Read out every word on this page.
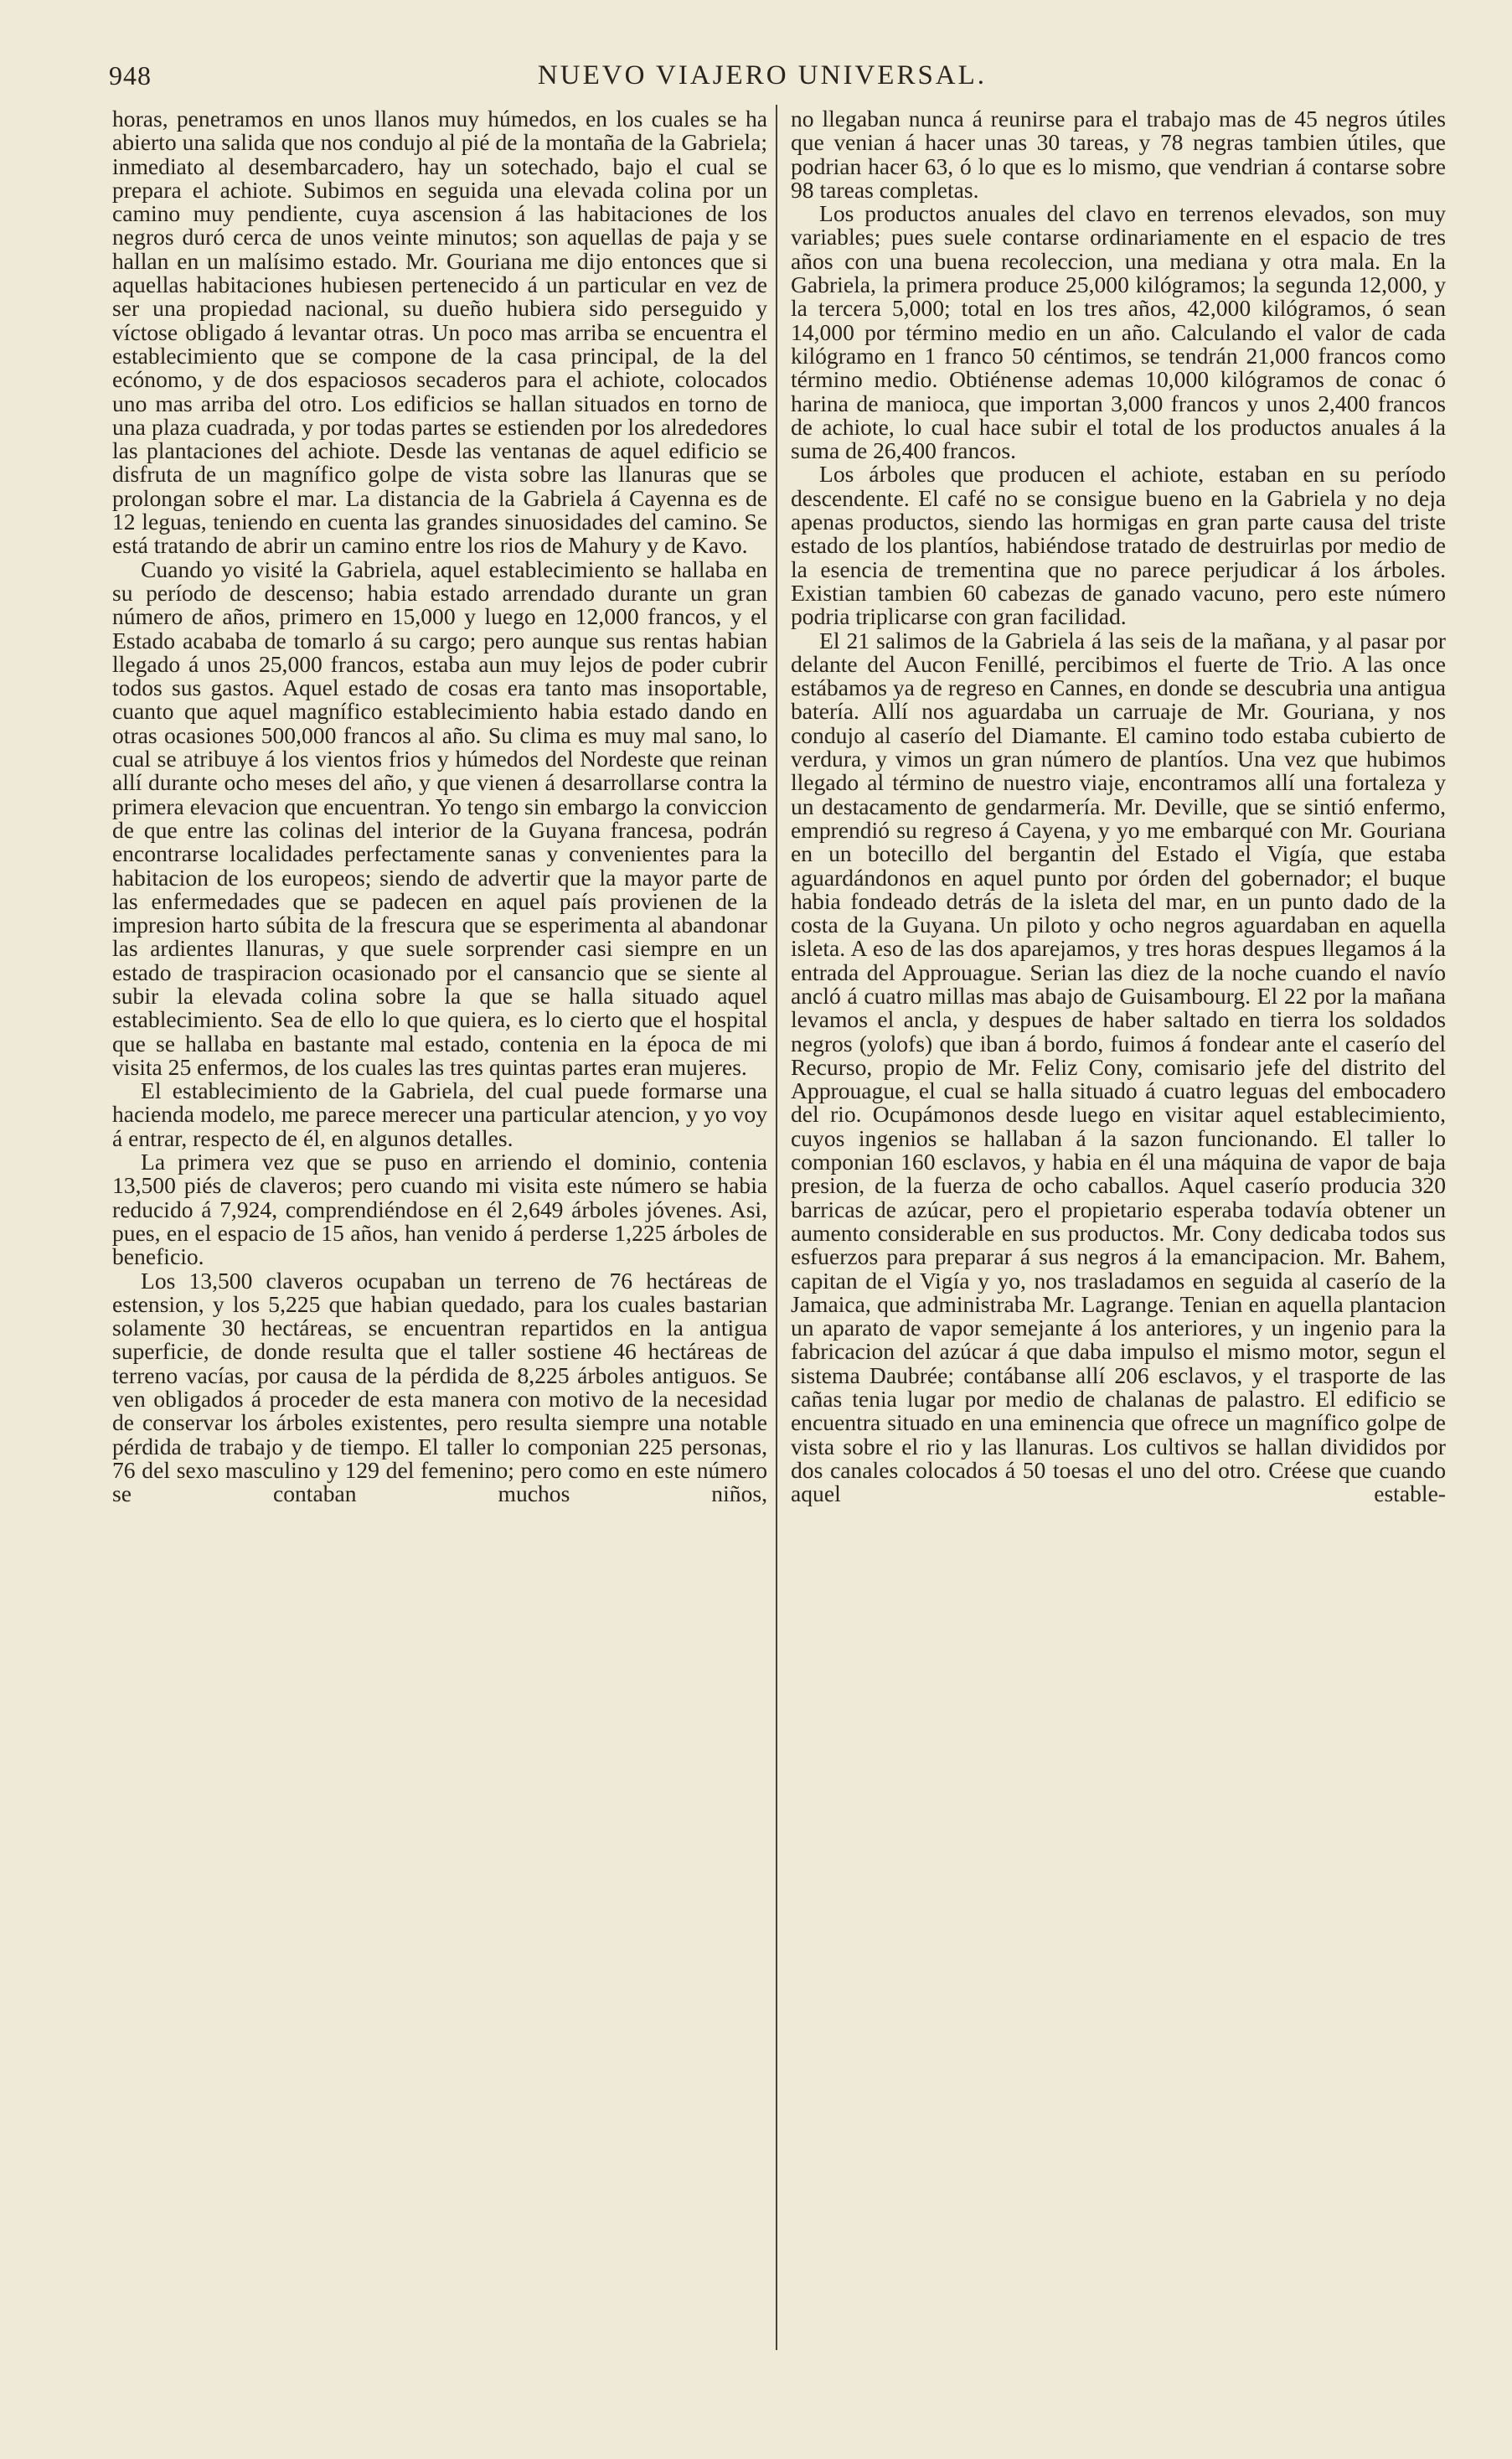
948	NUEVO VIAJERO UNIVERSAL.

horas, penetramos en unos llanos muy húmedos, en los cuales se ha abierto una salida que nos condujo al pié de la montaña de la Gabriela; inmediato al desembarcadero, hay un sotechado, bajo el cual se prepara el achiote. Subimos en seguida una elevada colina por un camino muy pendiente, cuya ascension á las habitaciones de los negros duró cerca de unos veinte minutos; son aquellas de paja y se hallan en un malísimo estado. Mr. Gouriana me dijo entonces que si aquellas habitaciones hubiesen pertenecido á un particular en vez de ser una propiedad nacional, su dueño hubiera sido perseguido y víctose obligado á levantar otras. Un poco mas arriba se encuentra el establecimiento que se compone de la casa principal, de la del ecónomo, y de dos espaciosos secaderos para el achiote, colocados uno mas arriba del otro. Los edificios se hallan situados en torno de una plaza cuadrada, y por todas partes se estienden por los alrededores las plantaciones del achiote. Desde las ventanas de aquel edificio se disfruta de un magnífico golpe de vista sobre las llanuras que se prolongan sobre el mar. La distancia de la Gabriela á Cayenna es de 12 leguas, teniendo en cuenta las grandes sinuosidades del camino. Se está tratando de abrir un camino entre los rios de Mahury y de Kavo.

Cuando yo visité la Gabriela, aquel establecimiento se hallaba en su período de descenso; habia estado arrendado durante un gran número de años, primero en 15,000 y luego en 12,000 francos, y el Estado acababa de tomarlo á su cargo; pero aunque sus rentas habian llegado á unos 25,000 francos, estaba aun muy lejos de poder cubrir todos sus gastos. Aquel estado de cosas era tanto mas insoportable, cuanto que aquel magnífico establecimiento habia estado dando en otras ocasiones 500,000 francos al año. Su clima es muy mal sano, lo cual se atribuye á los vientos frios y húmedos del Nordeste que reinan allí durante ocho meses del año, y que vienen á desarrollarse contra la primera elevacion que encuentran. Yo tengo sin embargo la conviccion de que entre las colinas del interior de la Guyana francesa, podrán encontrarse localidades perfectamente sanas y convenientes para la habitacion de los europeos; siendo de advertir que la mayor parte de las enfermedades que se padecen en aquel país provienen de la impresion harto súbita de la frescura que se esperimenta al abandonar las ardientes llanuras, y que suele sorprender casi siempre en un estado de traspiracion ocasionado por el cansancio que se siente al subir la elevada colina sobre la que se halla situado aquel establecimiento. Sea de ello lo que quiera, es lo cierto que el hospital que se hallaba en bastante mal estado, contenia en la época de mi visita 25 enfermos, de los cuales las tres quintas partes eran mujeres.

El establecimiento de la Gabriela, del cual puede formarse una hacienda modelo, me parece merecer una particular atencion, y yo voy á entrar, respecto de él, en algunos detalles.

La primera vez que se puso en arriendo el dominio, contenia 13,500 piés de claveros; pero cuando mi visita este número se habia reducido á 7,924, comprendiéndose en él 2,649 árboles jóvenes. Asi, pues, en el espacio de 15 años, han venido á perderse 1,225 árboles de beneficio.

Los 13,500 claveros ocupaban un terreno de 76 hectáreas de estension, y los 5,225 que habian quedado, para los cuales bastarian solamente 30 hectáreas, se encuentran repartidos en la antigua superficie, de donde resulta que el taller sostiene 46 hectáreas de terreno vacías, por causa de la pérdida de 8,225 árboles antiguos. Se ven obligados á proceder de esta manera con motivo de la necesidad de conservar los árboles existentes, pero resulta siempre una notable pérdida de trabajo y de tiempo. El taller lo componian 225 personas, 76 del sexo masculino y 129 del femenino; pero como en este número se contaban muchos niños,

no llegaban nunca á reunirse para el trabajo mas de 45 negros útiles que venian á hacer unas 30 tareas, y 78 negras tambien útiles, que podrian hacer 63, ó lo que es lo mismo, que vendrian á contarse sobre 98 tareas completas.

Los productos anuales del clavo en terrenos elevados, son muy variables; pues suele contarse ordinariamente en el espacio de tres años con una buena recoleccion, una mediana y otra mala. En la Gabriela, la primera produce 25,000 kilógramos; la segunda 12,000, y la tercera 5,000; total en los tres años, 42,000 kilógramos, ó sean 14,000 por término medio en un año. Calculando el valor de cada kilógramo en 1 franco 50 céntimos, se tendrán 21,000 francos como término medio. Obtiénense ademas 10,000 kilógramos de conac ó harina de manioca, que importan 3,000 francos y unos 2,400 francos de achiote, lo cual hace subir el total de los productos anuales á la suma de 26,400 francos.

Los árboles que producen el achiote, estaban en su período descendente. El café no se consigue bueno en la Gabriela y no deja apenas productos, siendo las hormigas en gran parte causa del triste estado de los plantíos, habiéndose tratado de destruirlas por medio de la esencia de trementina que no parece perjudicar á los árboles. Existian tambien 60 cabezas de ganado vacuno, pero este número podria triplicarse con gran facilidad.

El 21 salimos de la Gabriela á las seis de la mañana, y al pasar por delante del Aucon Fenillé, percibimos el fuerte de Trio. A las once estábamos ya de regreso en Cannes, en donde se descubria una antigua batería. Allí nos aguardaba un carruaje de Mr. Gouriana, y nos condujo al caserío del Diamante. El camino todo estaba cubierto de verdura, y vimos un gran número de plantíos. Una vez que hubimos llegado al término de nuestro viaje, encontramos allí una fortaleza y un destacamento de gendarmería. Mr. Deville, que se sintió enfermo, emprendió su regreso á Cayena, y yo me embarqué con Mr. Gouriana en un botecillo del bergantin del Estado el Vigía, que estaba aguardándonos en aquel punto por órden del gobernador; el buque habia fondeado detrás de la isleta del mar, en un punto dado de la costa de la Guyana. Un piloto y ocho negros aguardaban en aquella isleta. A eso de las dos aparejamos, y tres horas despues llegamos á la entrada del Approuague. Serian las diez de la noche cuando el navío ancló á cuatro millas mas abajo de Guisambourg. El 22 por la mañana levamos el ancla, y despues de haber saltado en tierra los soldados negros (yolofs) que iban á bordo, fuimos á fondear ante el caserío del Recurso, propio de Mr. Feliz Cony, comisario jefe del distrito del Approuague, el cual se halla situado á cuatro leguas del embocadero del rio. Ocupámonos desde luego en visitar aquel establecimiento, cuyos ingenios se hallaban á la sazon funcionando. El taller lo componian 160 esclavos, y habia en él una máquina de vapor de baja presion, de la fuerza de ocho caballos. Aquel caserío producia 320 barricas de azúcar, pero el propietario esperaba todavía obtener un aumento considerable en sus productos. Mr. Cony dedicaba todos sus esfuerzos para preparar á sus negros á la emancipacion. Mr. Bahem, capitan de el Vigía y yo, nos trasladamos en seguida al caserío de la Jamaica, que administraba Mr. Lagrange. Tenian en aquella plantacion un aparato de vapor semejante á los anteriores, y un ingenio para la fabricacion del azúcar á que daba impulso el mismo motor, segun el sistema Daubrée; contábanse allí 206 esclavos, y el trasporte de las cañas tenia lugar por medio de chalanas de palastro. El edificio se encuentra situado en una eminencia que ofrece un magnífico golpe de vista sobre el rio y las llanuras. Los cultivos se hallan divididos por dos canales colocados á 50 toesas el uno del otro. Créese que cuando aquel estable-
